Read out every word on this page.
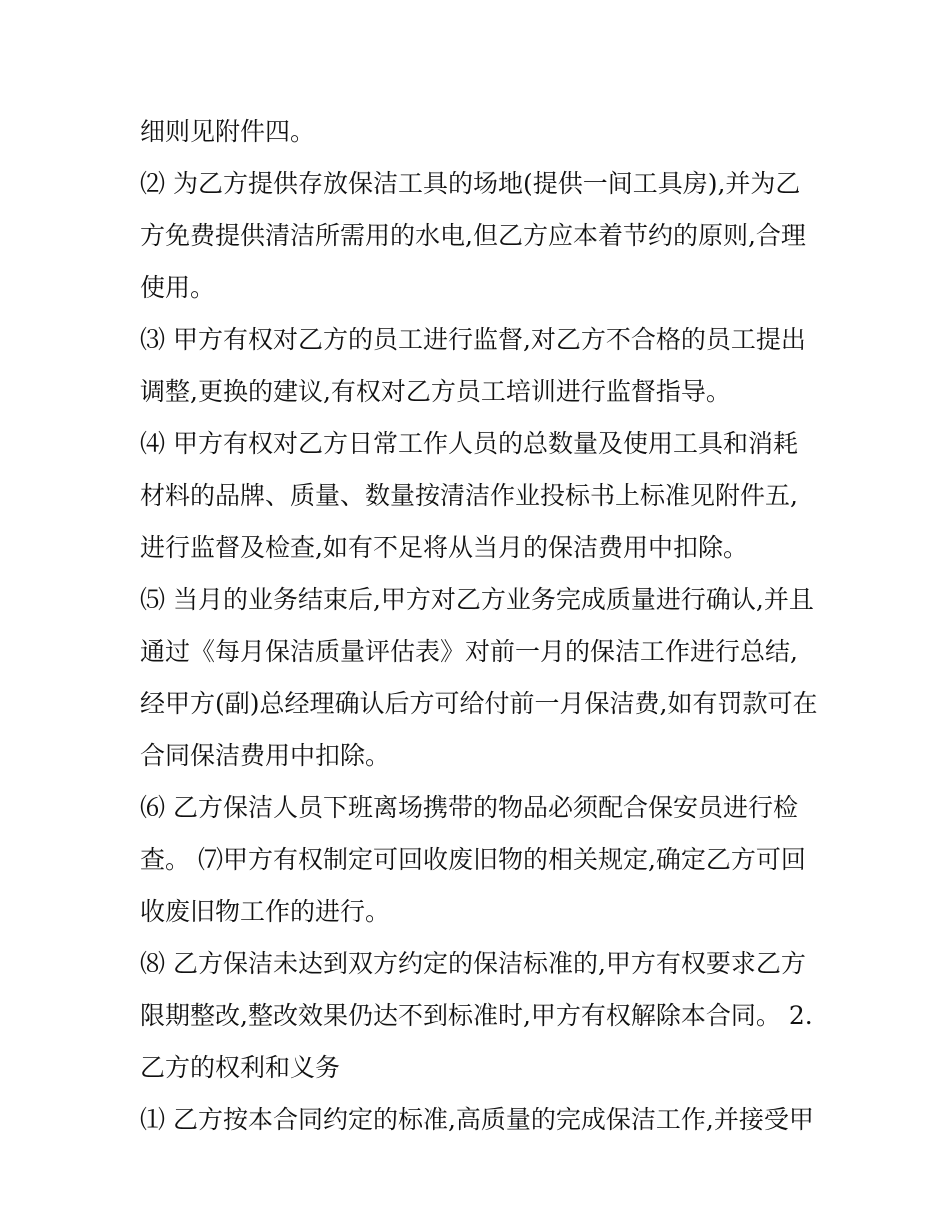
细则见附件四。
⑵ 为乙方提供存放保洁工具的场地(提供一间工具房),并为乙
方免费提供清洁所需用的水电,但乙方应本着节约的原则,合理
使用。
⑶ 甲方有权对乙方的员工进行监督,对乙方不合格的员工提出
调整,更换的建议,有权对乙方员工培训进行监督指导。
⑷ 甲方有权对乙方日常工作人员的总数量及使用工具和消耗
材料的品牌、质量、数量按清洁作业投标书上标准见附件五,
进行监督及检查,如有不足将从当月的保洁费用中扣除。
⑸ 当月的业务结束后,甲方对乙方业务完成质量进行确认,并且
通过《每月保洁质量评估表》对前一月的保洁工作进行总结,
经甲方(副)总经理确认后方可给付前一月保洁费,如有罚款可在
合同保洁费用中扣除。
⑹ 乙方保洁人员下班离场携带的物品必须配合保安员进行检
查。 ⑺甲方有权制定可回收废旧物的相关规定,确定乙方可回
收废旧物工作的进行。
⑻ 乙方保洁未达到双方约定的保洁标准的,甲方有权要求乙方
限期整改,整改效果仍达不到标准时,甲方有权解除本合同。 2.
乙方的权利和义务
⑴ 乙方按本合同约定的标准,高质量的完成保洁工作,并接受甲
